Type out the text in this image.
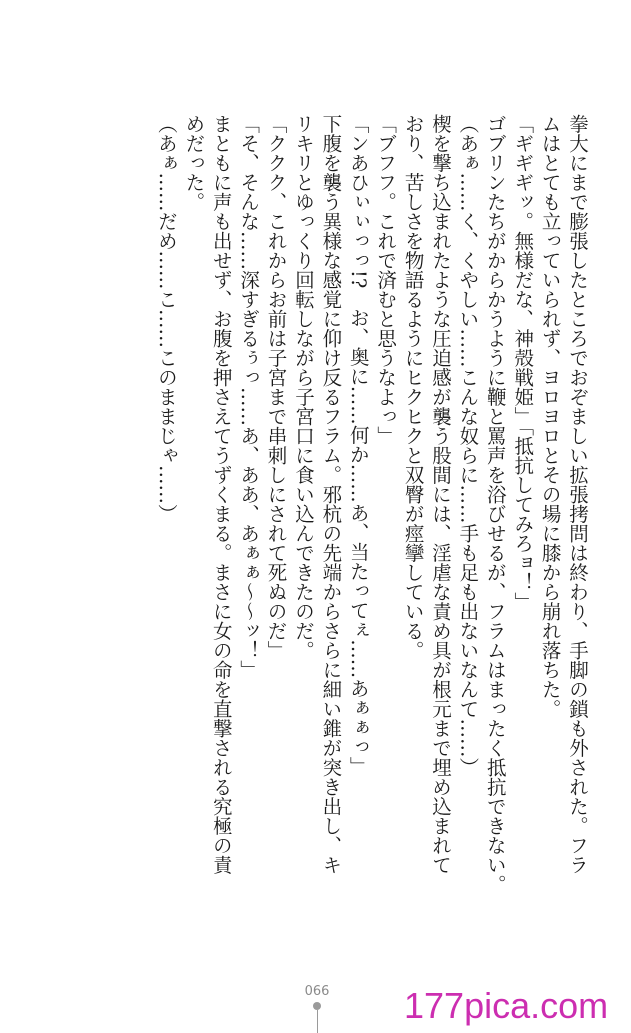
拳大にまで膨張したところでおぞましい拡張拷問は終わり、手脚の鎖も外された。フラ
ムはとても立っていられず、ヨロヨロとその場に膝から崩れ落ちた。
「ギギギッ。無様だな、神殻戦姫」「抵抗してみろョ！」
ゴブリンたちがからかうように鞭と罵声を浴びせるが、フラムはまったく抵抗できない。
（あぁ……く、くやしい……こんな奴らに……手も足も出ないなんて……）
楔を撃ち込まれたような圧迫感が襲う股間には、淫虐な責め具が根元まで埋め込まれて
おり、苦しさを物語るようにヒクヒクと双臀が痙攣している。
「ブフフ。これで済むと思うなよっ」
「ンあひぃぃっっ!?　お、奥に……何か……あ、当たってぇ……あぁぁっ」
下腹を襲う異様な感覚に仰け反るフラム。邪杭の先端からさらに細い錐が突き出し、キ
リキリとゆっくり回転しながら子宮口に食い込んできたのだ。
「ククク、これからお前は子宮まで串刺しにされて死ぬのだ」
「そ、そんな……深すぎるぅっ……あ、ああ、あぁぁ～～ッ！」
まともに声も出せず、お腹を押さえてうずくまる。まさに女の命を直撃される究極の責
めだった。
（あぁ……だめ……こ……このままじゃ……）
066 177pica.com
